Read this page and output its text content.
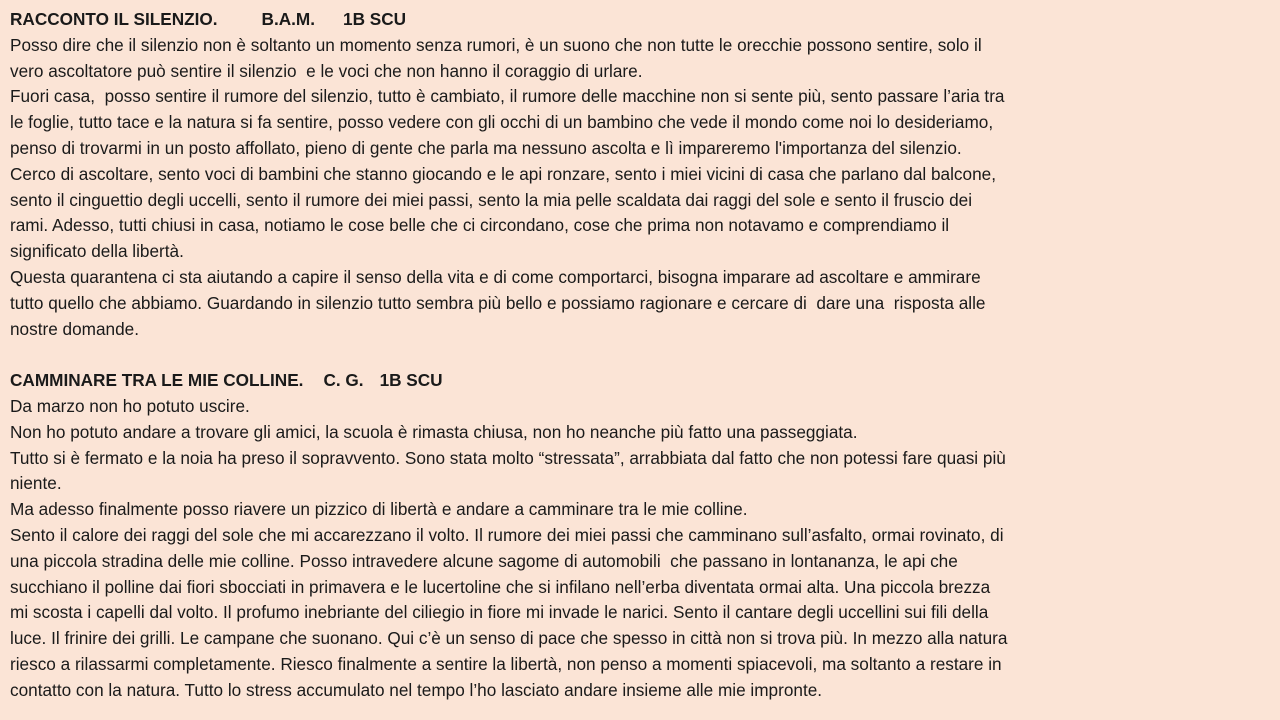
RACCONTO IL SILENZIO.	B.A.M. 1B SCU
Posso dire che il silenzio non è soltanto un momento senza rumori, è un suono che non tutte le orecchie possono sentire, solo il
vero ascoltatore può sentire il silenzio  e le voci che non hanno il coraggio di urlare.
Fuori casa,  posso sentire il rumore del silenzio, tutto è cambiato, il rumore delle macchine non si sente più, sento passare l’aria tra
le foglie, tutto tace e la natura si fa sentire, posso vedere con gli occhi di un bambino che vede il mondo come noi lo desideriamo,
penso di trovarmi in un posto affollato, pieno di gente che parla ma nessuno ascolta e lì impareremo l'importanza del silenzio.
Cerco di ascoltare, sento voci di bambini che stanno giocando e le api ronzare, sento i miei vicini di casa che parlano dal balcone,
sento il cinguettio degli uccelli, sento il rumore dei miei passi, sento la mia pelle scaldata dai raggi del sole e sento il fruscio dei
rami. Adesso, tutti chiusi in casa, notiamo le cose belle che ci circondano, cose che prima non notavamo e comprendiamo il
significato della libertà.
Questa quarantena ci sta aiutando a capire il senso della vita e di come comportarci, bisogna imparare ad ascoltare e ammirare
tutto quello che abbiamo. Guardando in silenzio tutto sembra più bello e possiamo ragionare e cercare di  dare una  risposta alle
nostre domande.
CAMMINARE TRA LE MIE COLLINE. C. G. 1B SCU
Da marzo non ho potuto uscire.
Non ho potuto andare a trovare gli amici, la scuola è rimasta chiusa, non ho neanche più fatto una passeggiata.
Tutto si è fermato e la noia ha preso il sopravvento. Sono stata molto “stressata”, arrabbiata dal fatto che non potessi fare quasi più
niente.
Ma adesso finalmente posso riavere un pizzico di libertà e andare a camminare tra le mie colline.
Sento il calore dei raggi del sole che mi accarezzano il volto. Il rumore dei miei passi che camminano sull’asfalto, ormai rovinato, di
una piccola stradina delle mie colline. Posso intravedere alcune sagome di automobili  che passano in lontananza, le api che
succhiano il polline dai fiori sbocciati in primavera e le lucertoline che si infilano nell’erba diventata ormai alta. Una piccola brezza
mi scosta i capelli dal volto. Il profumo inebriante del ciliegio in fiore mi invade le narici. Sento il cantare degli uccellini sui fili della
luce. Il frinire dei grilli. Le campane che suonano. Qui c’è un senso di pace che spesso in città non si trova più. In mezzo alla natura
riesco a rilassarmi completamente. Riesco finalmente a sentire la libertà, non penso a momenti spiacevoli, ma soltanto a restare in
contatto con la natura. Tutto lo stress accumulato nel tempo l’ho lasciato andare insieme alle mie impronte.
